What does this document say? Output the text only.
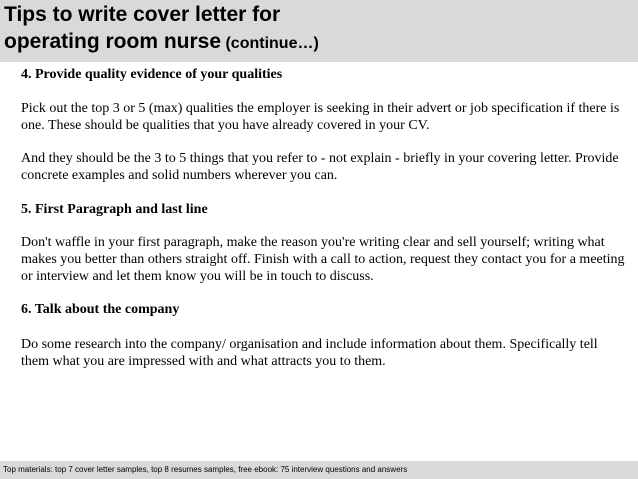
Tips to write cover letter for
operating room nurse (continue…)

4. Provide quality evidence of your qualities

Pick out the top 3 or 5 (max) qualities the employer is seeking in their advert or job specification if there is one. These should be qualities that you have already covered in your CV.

And they should be the 3 to 5 things that you refer to - not explain - briefly in your covering letter. Provide concrete examples and solid numbers wherever you can.

5. First Paragraph and last line

Don't waffle in your first paragraph, make the reason you're writing clear and sell yourself; writing what makes you better than others straight off. Finish with a call to action, request they contact you for a meeting or interview and let them know you will be in touch to discuss.

6. Talk about the company

Do some research into the company/ organisation and include information about them. Specifically tell them what you are impressed with and what attracts you to them.

Top materials: top 7 cover letter samples, top 8 resumes samples, free ebook: 75 interview questions and answers
